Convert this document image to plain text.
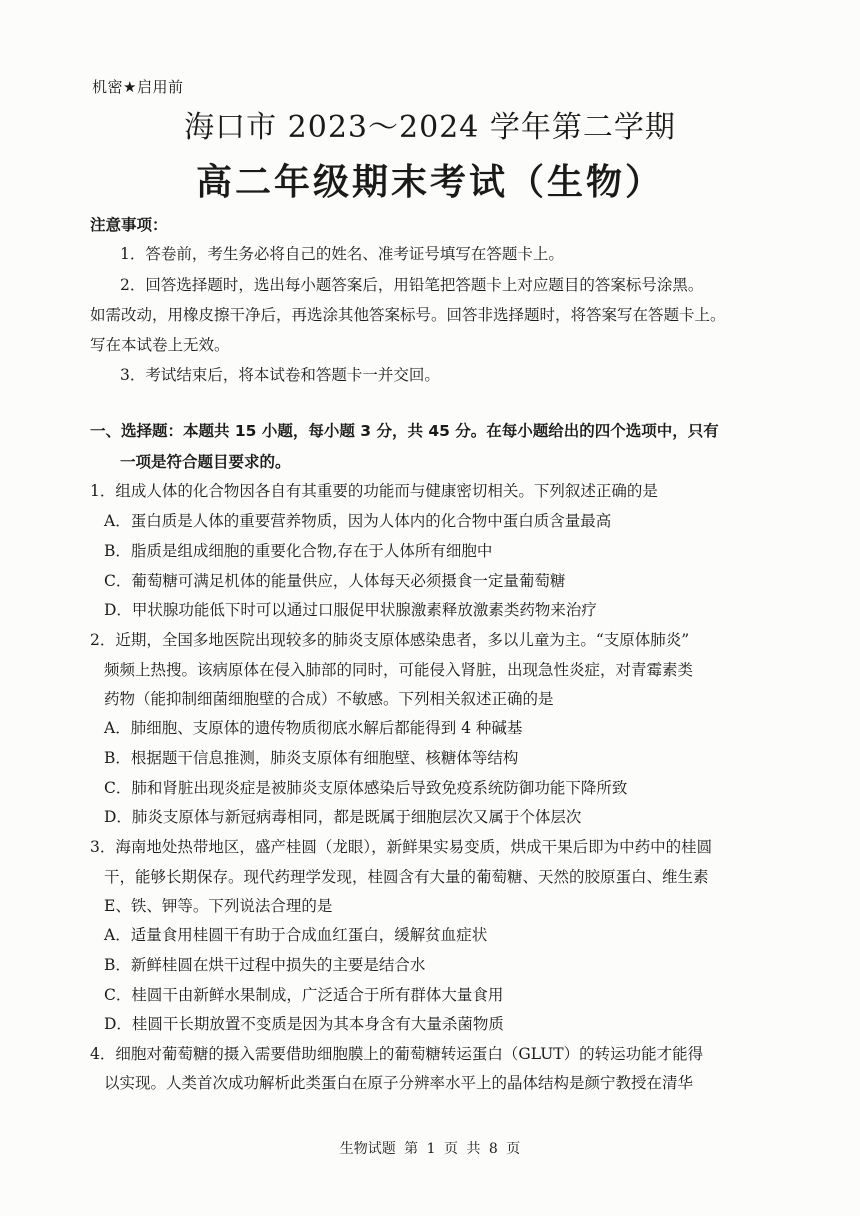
机密★启用前
海口市 2023～2024 学年第二学期
高二年级期末考试（生物）
注意事项：
1．答卷前，考生务必将自己的姓名、准考证号填写在答题卡上。
2．回答选择题时，选出每小题答案后，用铅笔把答题卡上对应题目的答案标号涂黑。
如需改动，用橡皮擦干净后，再选涂其他答案标号。回答非选择题时，将答案写在答题卡上。
写在本试卷上无效。
3．考试结束后，将本试卷和答题卡一并交回。
一、选择题：本题共 15 小题，每小题 3 分，共 45 分。在每小题给出的四个选项中，只有
一项是符合题目要求的。
1．组成人体的化合物因各自有其重要的功能而与健康密切相关。下列叙述正确的是
A．蛋白质是人体的重要营养物质，因为人体内的化合物中蛋白质含量最高
B．脂质是组成细胞的重要化合物,存在于人体所有细胞中
C．葡萄糖可满足机体的能量供应，人体每天必须摄食一定量葡萄糖
D．甲状腺功能低下时可以通过口服促甲状腺激素释放激素类药物来治疗
2．近期，全国多地医院出现较多的肺炎支原体感染患者，多以儿童为主。“支原体肺炎”
频频上热搜。该病原体在侵入肺部的同时，可能侵入肾脏，出现急性炎症，对青霉素类
药物（能抑制细菌细胞壁的合成）不敏感。下列相关叙述正确的是
A．肺细胞、支原体的遗传物质彻底水解后都能得到 4 种碱基
B．根据题干信息推测，肺炎支原体有细胞壁、核糖体等结构
C．肺和肾脏出现炎症是被肺炎支原体感染后导致免疫系统防御功能下降所致
D．肺炎支原体与新冠病毒相同，都是既属于细胞层次又属于个体层次
3．海南地处热带地区，盛产桂圆（龙眼），新鲜果实易变质，烘成干果后即为中药中的桂圆
干，能够长期保存。现代药理学发现，桂圆含有大量的葡萄糖、天然的胶原蛋白、维生素
E、铁、钾等。下列说法合理的是
A．适量食用桂圆干有助于合成血红蛋白，缓解贫血症状
B．新鲜桂圆在烘干过程中损失的主要是结合水
C．桂圆干由新鲜水果制成，广泛适合于所有群体大量食用
D．桂圆干长期放置不变质是因为其本身含有大量杀菌物质
4．细胞对葡萄糖的摄入需要借助细胞膜上的葡萄糖转运蛋白（GLUT）的转运功能才能得
以实现。人类首次成功解析此类蛋白在原子分辨率水平上的晶体结构是颜宁教授在清华
生物试题 第 1 页 共 8 页
